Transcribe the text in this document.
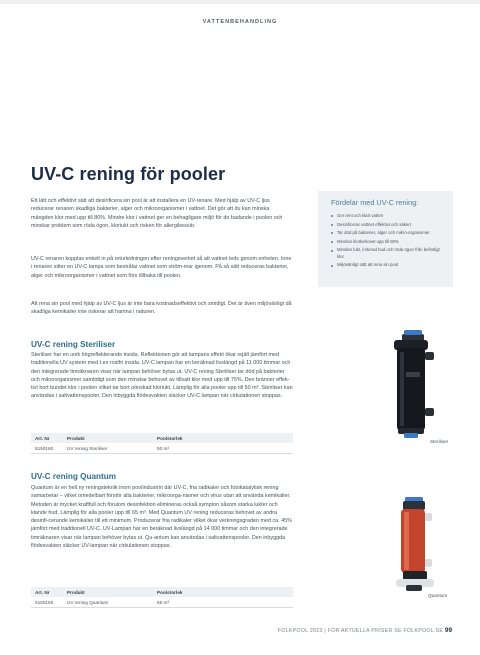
VATTENBEHANDLING
UV-C rening för pooler
Ett lätt och effektivt sätt att desinficera sin pool är att installera en UV-renare. Med hjälp av UV-C ljus reducerar renaren skadliga bakterier, alger och mikroorganismer i vattnet. Det gör att du kan minska mängden klor med upp till 80%. Mindre klor i vattnet ger en behagligare miljö för de badande i poolen och minskar problem som röda ögon, kloriukt och risken för allergibesvär.
UV-C renaren kopplas enkelt in på returledningen efter reningsverket så att vattnet leds genom enheten. Inne i renaren sitter en UV-C lampa som bestrålar vattnet som ström-mar igenom. På så sätt reduceras bakterier, alger och mikroorganismer i vattnet som förs tillbaka till poolen.
Att rena sin pool med hjälp av UV-C ljus är inte bara kostnadseffektivt och smidigt. Det är även miljövänligt då skadliga kemikalier inte riskerar att hamna i naturen.
Fördelar med UV-C rening:
Ger rent och klart vatten
Desinficerar vattnet effektivt och säkert
Tar död på bakterier, alger och mikro-organismer
Minskar klorbehovet upp till 80%
Minskar lukt, irriterad hud och röda ögon från befintligt klor
Miljövänligt sätt att rena sin pool
UV-C rening Steriliser
Steriliser har en unik högreflekterande insida. Reflektionen gör att lampans effekt ökar rejält jämfört med traditionella UV system med t.ex rostfri insida. UV-C lampan har en beräknad livslängd på 11 000 timmar och den integrerade timräknaren visar när lampan behöver bytas ut. UV-C rening Steriliser tar död på bakterier och mikroorganismer samtidigt som den minskar behovet av tillsatt klor med upp till 75%. Den bränner effek-tivt bort bundet klor i poolen vilket tar bort oönskad klorlukt. Lämplig för alla pooler upp till 50 m³. Steriliser kan användas i saltvattenspooler. Den inbyggda flödesvakten släcker UV-C lampan när cirkulationen stoppas.
Art. Nr	Produkt	Poolstorlek
5150160	UV rening Steriliser	50 m³
Steriliser
UV-C rening Quantum
Quantum är en helt ny reningsteknik inom poolindustrin där UV-C, fria radikaler och fotokatalytisk rening samarbetar – vilket omedelbart förstör alla bakterier, mikroorga-nismer och virus utan att använda kemikalier. Metoden är mycket kraftfull och förulom desinfektion elimineras också sympton såsom starka lukter och klande hud. Lämplig för alla pooler upp till 65 m³. Med Quantum UV rening reduceras behovet av andra desinfi-cerande kemikalier till ett minimum. Producerar fria radikaler vilket ökar verkningsgraden med ca. 45% jämfört med traditionell UV-C. UV-Lampan har en beräknad livslängd på 14 000 timmar och den integrerade timräknaren visar när lampan behöver bytas ut. Qu-antum kan användas i saltvattenspooler. Den inbyggda flödesvakten släcker UV-lampan när cirkulationen stoppas.
Art. Nr	Produkt	Poolstorlek
5150150	UV rening Quantum	65 m³
Quantum
FOLKPOOL 2023 | FÖR AKTUELLA PRISER SE FOLKPOOL.SE 99
